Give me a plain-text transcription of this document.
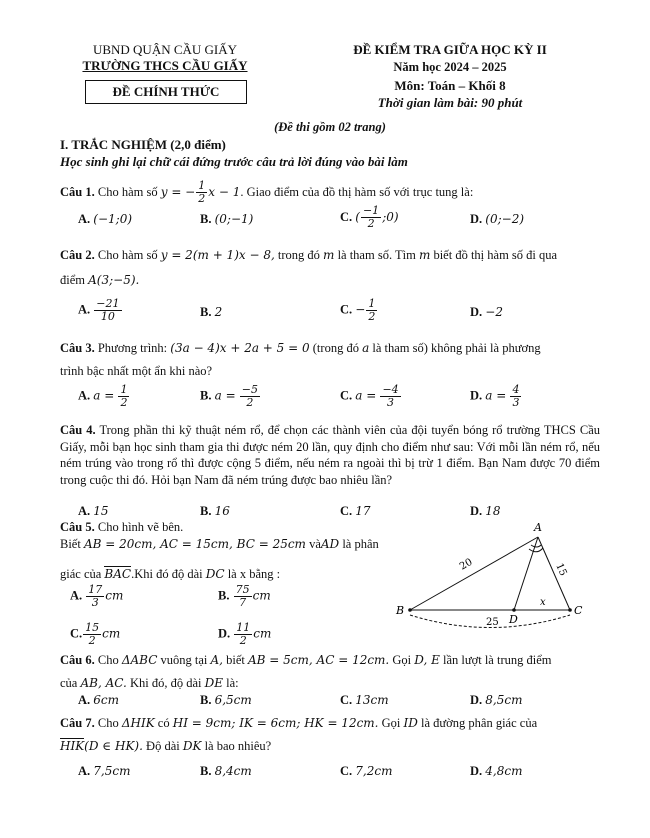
UBND QUẬN CẦU GIẤY
TRƯỜNG THCS CẦU GIẤY
ĐỀ CHÍNH THỨC
ĐỀ KIỂM TRA GIỮA HỌC KỲ II
Năm học 2024 – 2025
Môn: Toán – Khối 8
Thời gian làm bài: 90 phút
(Đề thi gồm 02 trang)
I. TRẮC NGHIỆM (2,0 điểm)
Học sinh ghi lại chữ cái đứng trước câu trả lời đúng vào bài làm
Câu 1. Cho hàm số y = − $\frac{1}{2}$ x − 1. Giao điểm của đồ thị hàm số với trục tung là:
A. (−1;0)	B. (0;−1)	C. ( $\frac{-1}{2}$ ;0)	D. (0;−2)
Câu 2. Cho hàm số y = 2(m + 1)x − 8, trong đó m là tham số. Tìm m biết đồ thị hàm số đi qua
điểm A(3;−5).
A. $\frac{-21}{10}$	B. 2	C. − $\frac{1}{2}$	D. −2
Câu 3. Phương trình: (3a − 4)x + 2a + 5 = 0 (trong đó a là tham số) không phải là phương
trình bậc nhất một ẩn khi nào?
A. $a = \frac{1}{2}$	B. $a = \frac{-5}{2}$	C. $a = \frac{-4}{3}$	D. $a = \frac{4}{3}$
Câu 4. Trong phần thi kỹ thuật ném rổ, để chọn các thành viên của đội tuyển bóng rổ trường THCS Cầu Giấy, mỗi bạn học sinh tham gia thi được ném 20 lần, quy định cho điểm như sau: Với mỗi lần ném rổ, nếu ném trúng vào trong rổ thì được cộng 5 điểm, nếu ném ra ngoài thì bị trừ 1 điểm. Bạn Nam được 70 điểm trong cuộc thi đó. Hỏi bạn Nam đã ném trúng được bao nhiêu lần?
A. 15	B. 16	C. 17	D. 18
Câu 5. Cho hình vẽ bên.
Biết AB = 20cm, AC = 15cm, BC = 25cm vàAD là phân
giác của BAC.Khi đó độ dài DC là x bằng :
A. $\frac{17}{3}$ cm	B. $\frac{75}{7}$ cm
C. $\frac{15}{2}$ cm	D. $\frac{11}{2}$ cm
A
B	C
D
20	15
25
x
Câu 6. Cho ΔABC vuông tại A, biết AB = 5cm, AC = 12cm. Gọi D, E lần lượt là trung điểm
của AB, AC. Khi đó, độ dài DE là:
A. 6cm	B. 6,5cm	C. 13cm	D. 8,5cm
Câu 7. Cho ΔHIK có HI = 9cm; IK = 6cm; HK = 12cm. Gọi ID là đường phân giác của
HIK(D ∈ HK). Độ dài DK là bao nhiêu?
A. 7,5cm	B. 8,4cm	C. 7,2cm	D. 4,8cm
